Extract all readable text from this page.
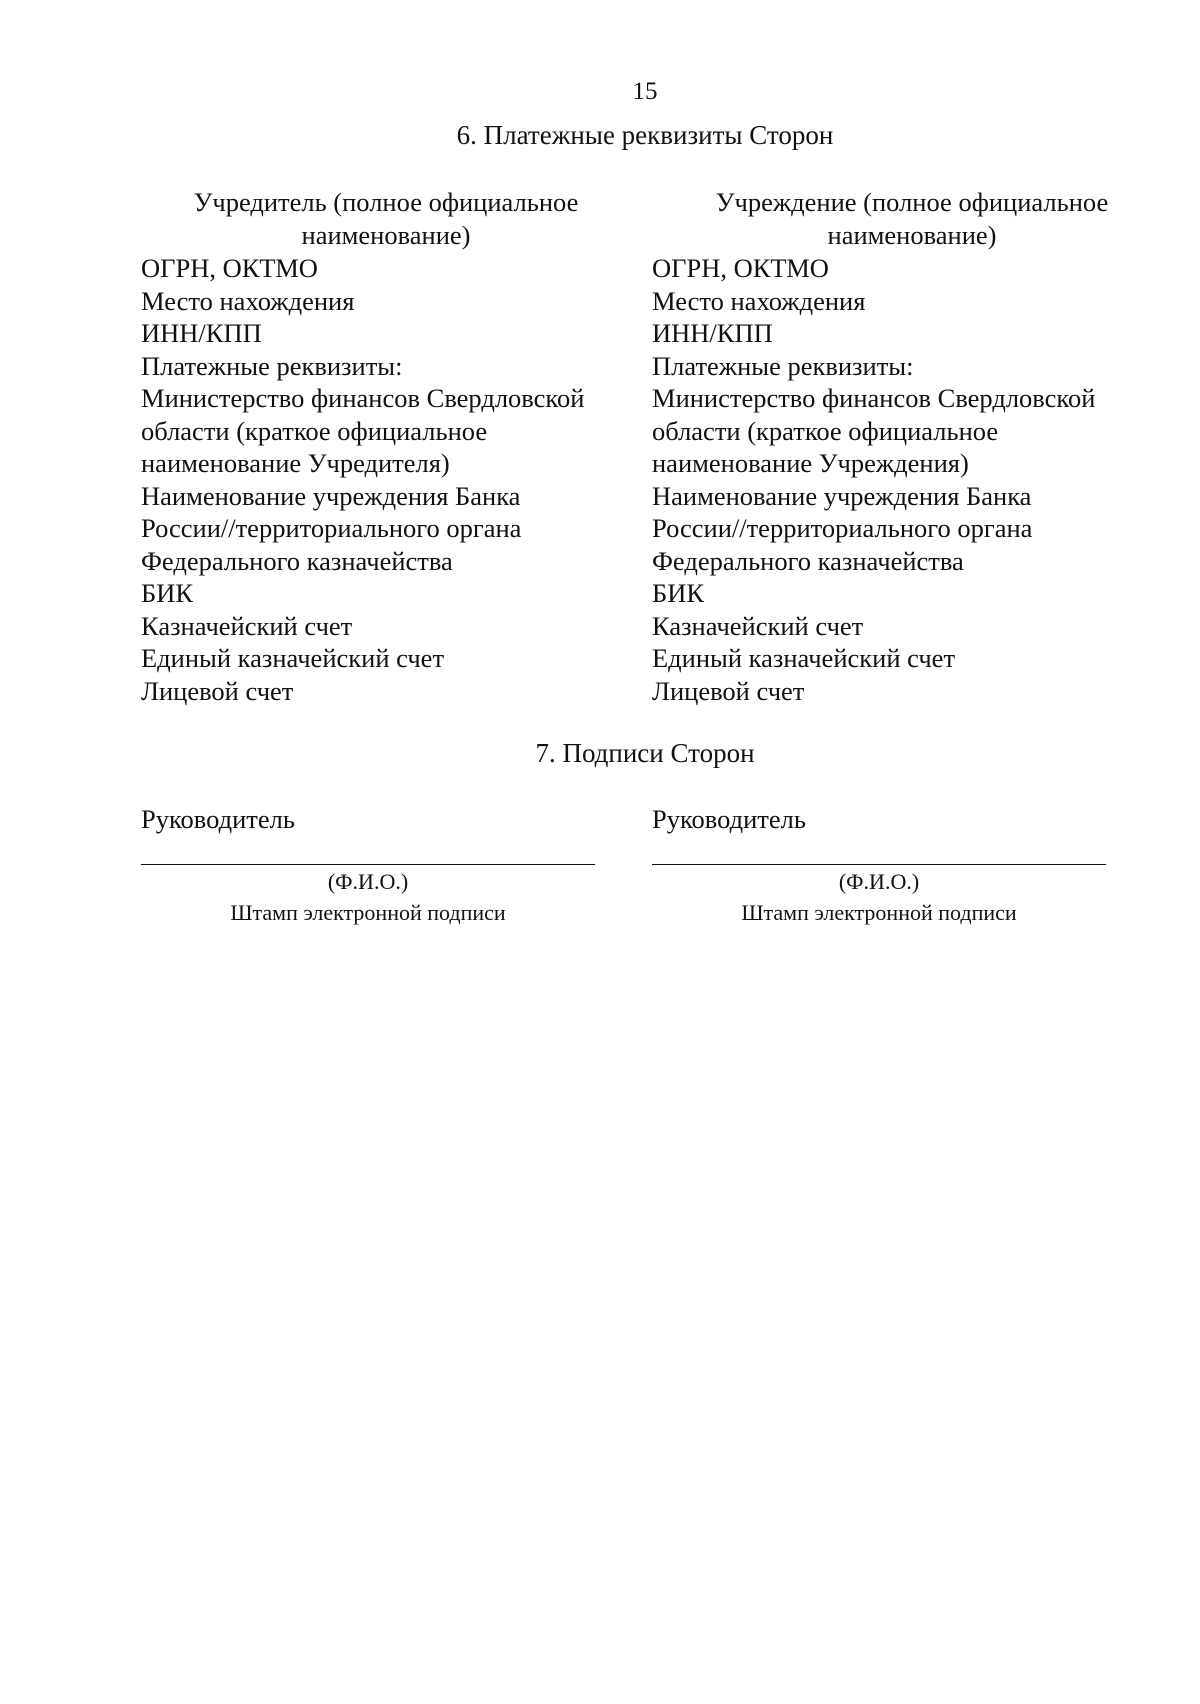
15
6. Платежные реквизиты Сторон
Учредитель (полное официальное
наименование)
ОГРН, ОКТМО
Место нахождения
ИНН/КПП
Платежные реквизиты:
Министерство финансов Свердловской
области (краткое официальное
наименование Учредителя)
Наименование учреждения Банка
России//территориального органа
Федерального казначейства
БИК
Казначейский счет
Единый казначейский счет
Лицевой счет
Учреждение (полное официальное
наименование)
ОГРН, ОКТМО
Место нахождения
ИНН/КПП
Платежные реквизиты:
Министерство финансов Свердловской
области (краткое официальное
наименование Учреждения)
Наименование учреждения Банка
России//территориального органа
Федерального казначейства
БИК
Казначейский счет
Единый казначейский счет
Лицевой счет
7. Подписи Сторон
Руководитель	Руководитель
(Ф.И.О.)
Штамп электронной подписи
(Ф.И.О.)
Штамп электронной подписи
